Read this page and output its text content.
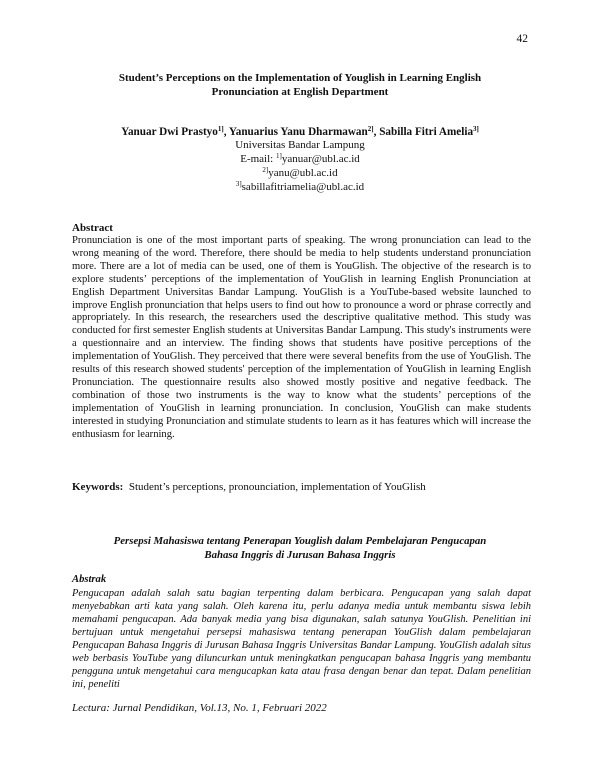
42
Student’s Perceptions on the Implementation of Youglish in Learning English
Pronunciation at English Department
Yanuar Dwi Prastyo$^{1]}$, Yanuarius Yanu Dharmawan$^{2]}$, Sabilla Fitri Amelia$^{3]}$
Universitas Bandar Lampung
E-mail: $^{1]}$yanuar@ubl.ac.id
$^{2]}$yanu@ubl.ac.id
$^{3]}$sabillafitriamelia@ubl.ac.id
Abstract

Pronunciation is one of the most important parts of speaking. The wrong pronunciation can lead to the wrong meaning of the word. Therefore, there should be media to help students understand pronunciation more. There are a lot of media can be used, one of them is YouGlish. The objective of the research is to explore students’ perceptions of the implementation of YouGlish in learning English Pronunciation at English Department Universitas Bandar Lampung. YouGlish is a YouTube-based website launched to improve English pronunciation that helps users to find out how to pronounce a word or phrase correctly and appropriately. In this research, the researchers used the descriptive qualitative method. This study was conducted for first semester English students at Universitas Bandar Lampung. This study's instruments were a questionnaire and an interview. The finding shows that students have positive perceptions of the implementation of YouGlish. They perceived that there were several benefits from the use of YouGlish. The results of this research showed students' perception of the implementation of YouGlish in learning English Pronunciation. The questionnaire results also showed mostly positive and negative feedback. The combination of those two instruments is the way to know what the students’ perceptions of the implementation of YouGlish in learning pronunciation. In conclusion, YouGlish can make students interested in studying Pronunciation and stimulate students to learn as it has features which will increase the enthusiasm for learning.

Keywords: Student’s perceptions, pronounciation, implementation of YouGlish
Persepsi Mahasiswa tentang Penerapan Youglish dalam Pembelajaran Pengucapan
Bahasa Inggris di Jurusan Bahasa Inggris
Abstrak

Pengucapan adalah salah satu bagian terpenting dalam berbicara. Pengucapan yang salah dapat menyebabkan arti kata yang salah. Oleh karena itu, perlu adanya media untuk membantu siswa lebih memahami pengucapan. Ada banyak media yang bisa digunakan, salah satunya YouGlish. Penelitian ini bertujuan untuk mengetahui persepsi mahasiswa tentang penerapan YouGlish dalam pembelajaran Pengucapan Bahasa Inggris di Jurusan Bahasa Inggris Universitas Bandar Lampung. YouGlish adalah situs web berbasis YouTube yang diluncurkan untuk meningkatkan pengucapan bahasa Inggris yang membantu pengguna untuk mengetahui cara mengucapkan kata atau frasa dengan benar dan tepat. Dalam penelitian ini, peneliti

Lectura: Jurnal Pendidikan, Vol.13, No. 1, Februari 2022
